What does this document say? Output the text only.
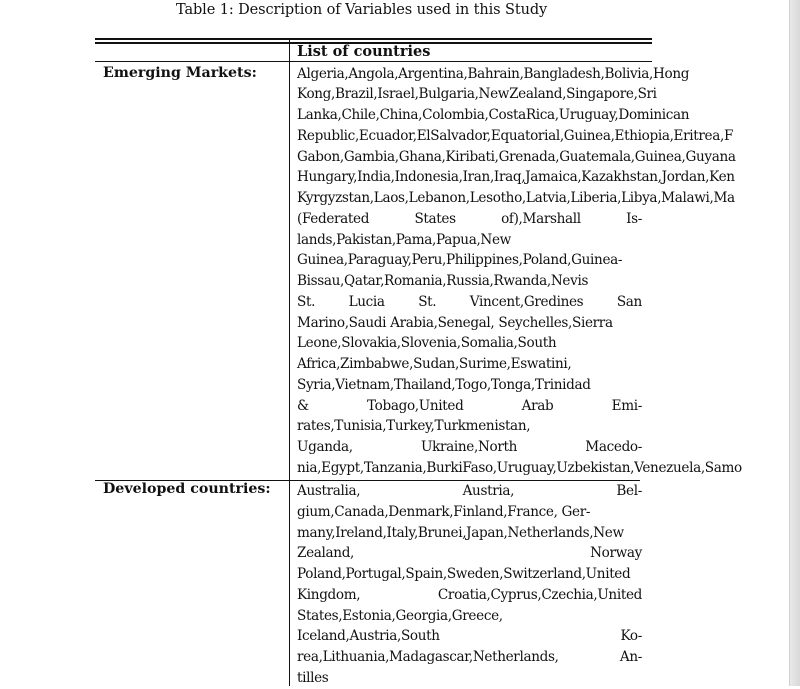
Table 1: Description of Variables used in this Study
List of countries
Emerging Markets:	Algeria,Angola,Argentina,Bahrain,Bangladesh,Bolivia,Hong
Kong,Brazil,Israel,Bulgaria,NewZealand,Singapore,Sri
Lanka,Chile,China,Colombia,CostaRica,Uruguay,Dominican
Republic,Ecuador,ElSalvador,Equatorial,Guinea,Ethiopia,Eritrea,F
Gabon,Gambia,Ghana,Kiribati,Grenada,Guatemala,Guinea,Guyana
Hungary,India,Indonesia,Iran,Iraq,Jamaica,Kazakhstan,Jordan,Ken
Kyrgyzstan,Laos,Lebanon,Lesotho,Latvia,Liberia,Libya,Malawi,Ma
(Federated	States	of),Marshall	Is-
lands,Pakistan,Pama,Papua,New
Guinea,Paraguay,Peru,Philippines,Poland,Guinea-
Bissau,Qatar,Romania,Russia,Rwanda,Nevis
St. Lucia St. Vincent,Gredines San
Marino,Saudi Arabia,Senegal, Seychelles,Sierra
Leone,Slovakia,Slovenia,Somalia,South
Africa,Zimbabwe,Sudan,Surime,Eswatini,
Syria,Vietnam,Thailand,Togo,Tonga,Trinidad
&	Tobago,United	Arab	Emi-
rates,Tunisia,Turkey,Turkmenistan,
Uganda,	Ukraine,North	Macedo-
nia,Egypt,Tanzania,BurkiFaso,Uruguay,Uzbekistan,Venezuela,Samo
Developed countries: Australia,	Austria,	Bel-
gium,Canada,Denmark,Finland,France, Ger-
many,Ireland,Italy,Brunei,Japan,Netherlands,New
Zealand,	Norway
Poland,Portugal,Spain,Sweden,Switzerland,United
Kingdom,	Croatia,Cyprus,Czechia,United
States,Estonia,Georgia,Greece,
Iceland,Austria,South	Ko-
rea,Lithuania,Madagascar,Netherlands,	An-
tilles
